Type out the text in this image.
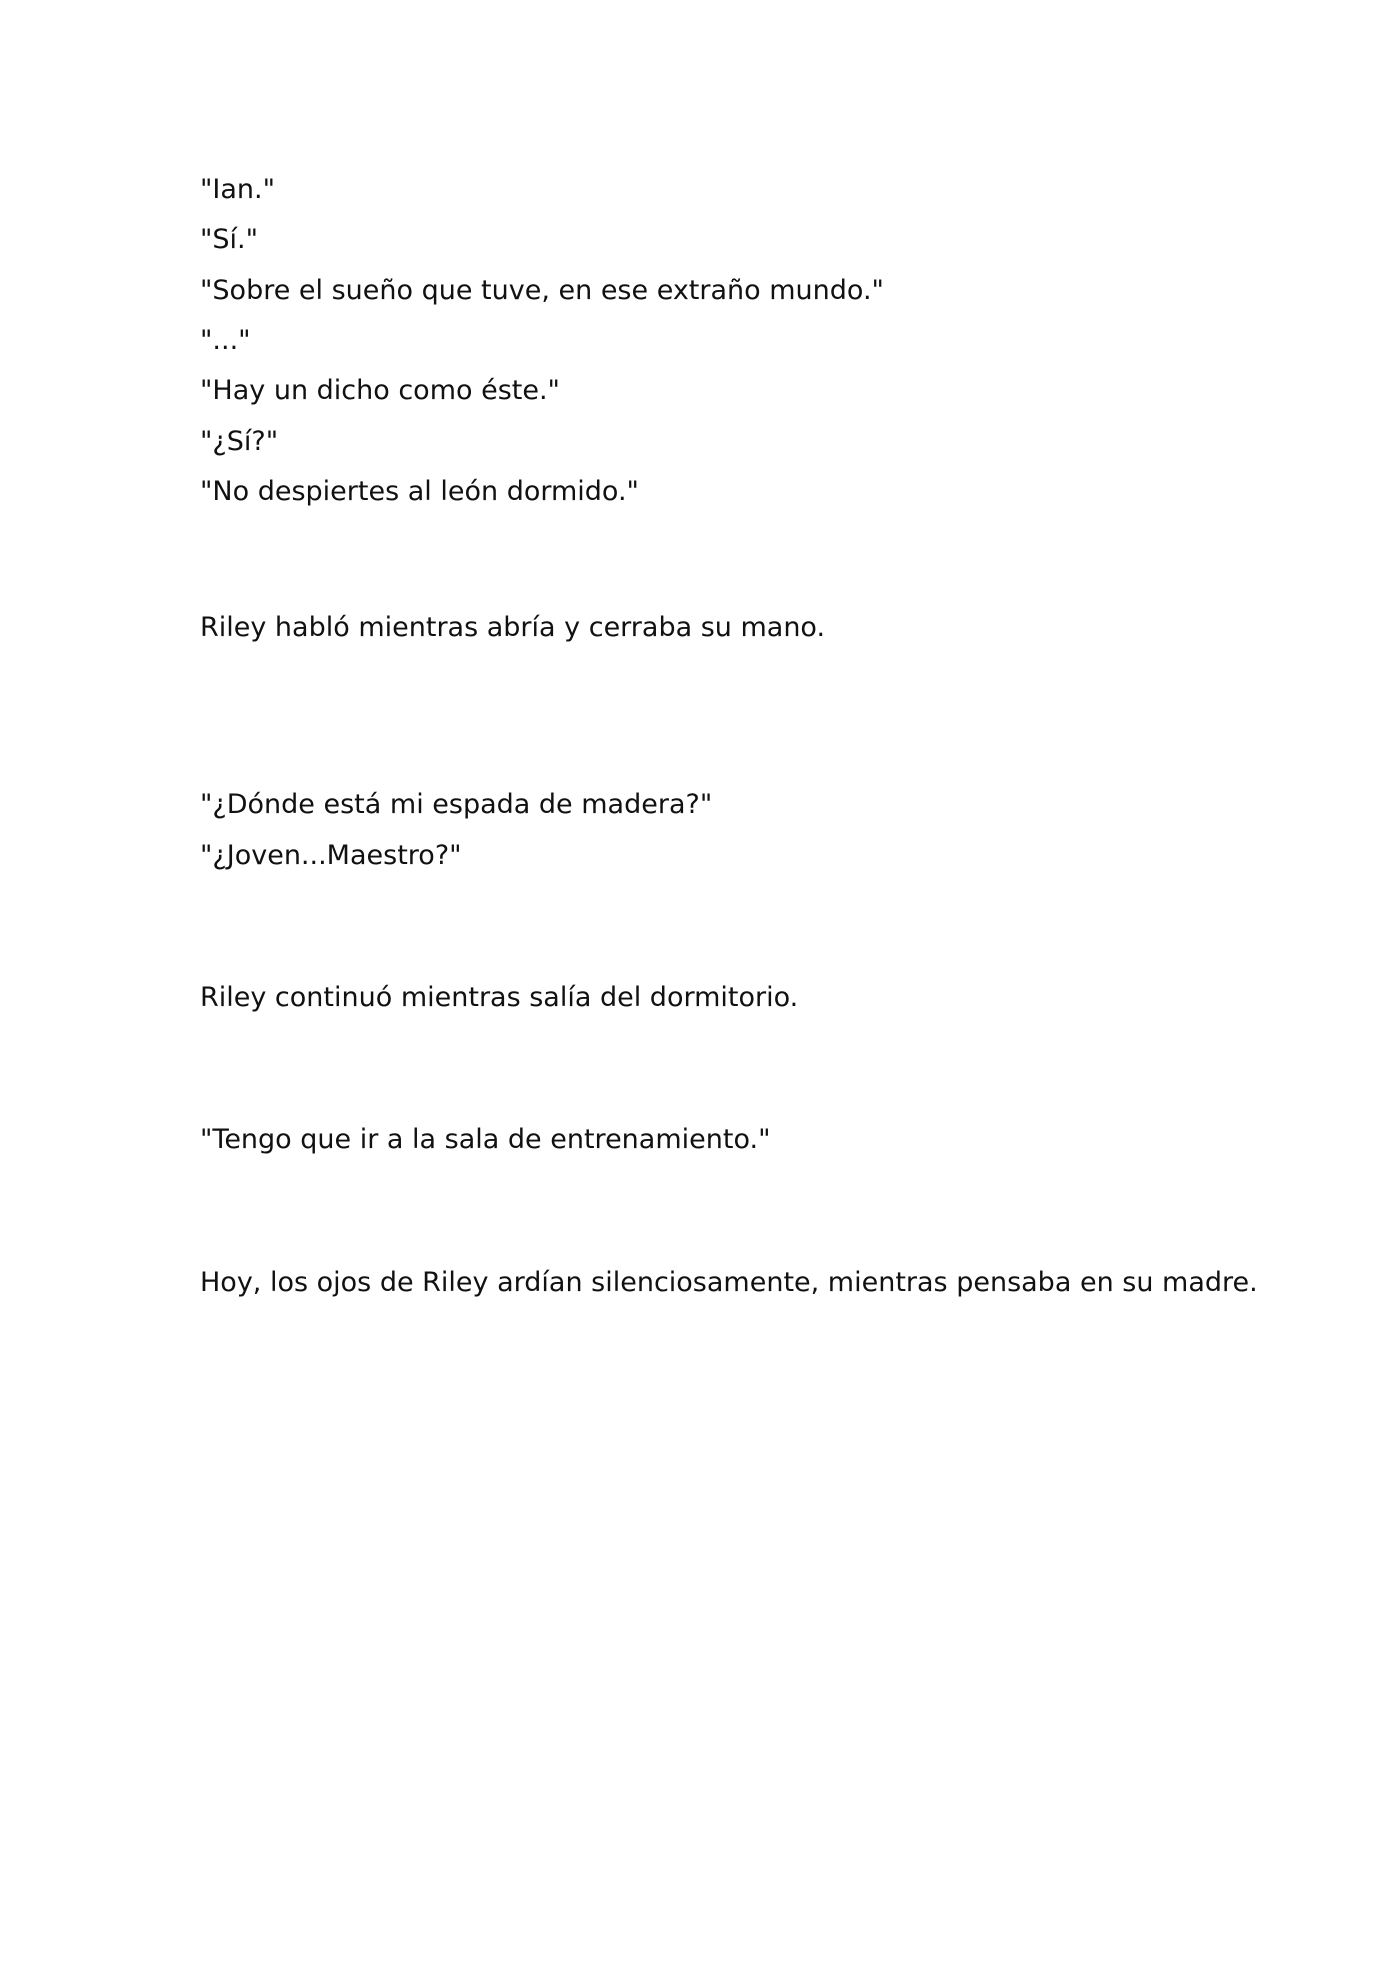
"Ian."

"Sí."

"Sobre el sueño que tuve, en ese extraño mundo."

"..."

"Hay un dicho como éste."

"¿Sí?"

"No despiertes al león dormido."

Riley habló mientras abría y cerraba su mano.

"¿Dónde está mi espada de madera?"

"¿Joven...Maestro?"

Riley continuó mientras salía del dormitorio.

"Tengo que ir a la sala de entrenamiento."

Hoy, los ojos de Riley ardían silenciosamente, mientras pensaba en su madre.
